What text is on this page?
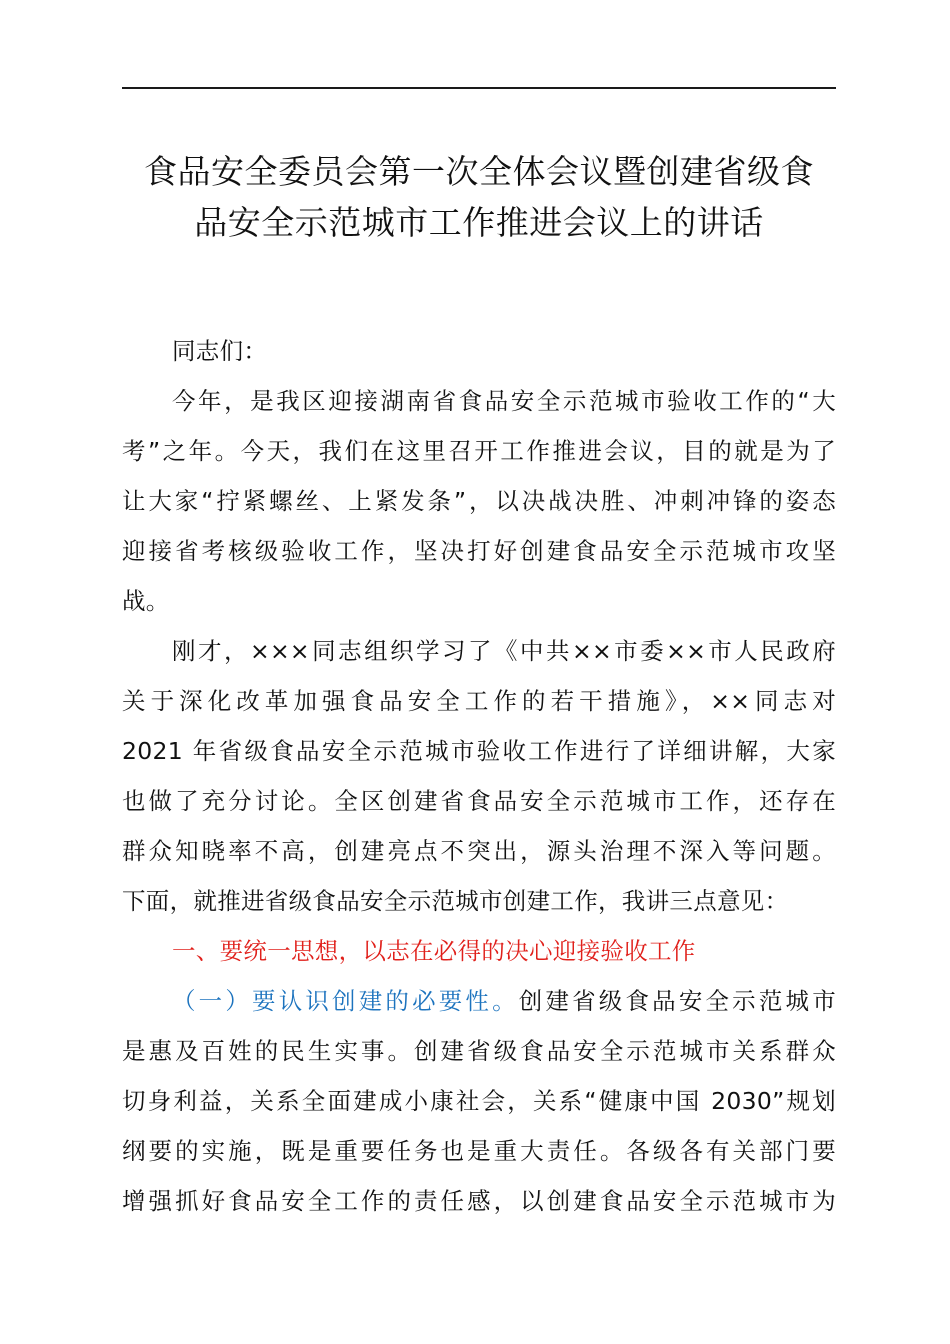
食品安全委员会第一次全体会议暨创建省级食
品安全示范城市工作推进会议上的讲话
同志们：
今年，是我区迎接湖南省食品安全示范城市验收工作的“大
考”之年。今天，我们在这里召开工作推进会议，目的就是为了
让大家“拧紧螺丝、上紧发条”，以决战决胜、冲刺冲锋的姿态
迎接省考核级验收工作，坚决打好创建食品安全示范城市攻坚
战。
刚才，×××同志组织学习了《中共××市委××市人民政府
关于深化改革加强食品安全工作的若干措施》，××同志对
2021 年省级食品安全示范城市验收工作进行了详细讲解，大家
也做了充分讨论。全区创建省食品安全示范城市工作，还存在
群众知晓率不高，创建亮点不突出，源头治理不深入等问题。
下面，就推进省级食品安全示范城市创建工作，我讲三点意见：
一、要统一思想，以志在必得的决心迎接验收工作
（一）要认识创建的必要性。创建省级食品安全示范城市
是惠及百姓的民生实事。创建省级食品安全示范城市关系群众
切身利益，关系全面建成小康社会，关系“健康中国 2030”规划
纲要的实施，既是重要任务也是重大责任。各级各有关部门要
增强抓好食品安全工作的责任感，以创建食品安全示范城市为
